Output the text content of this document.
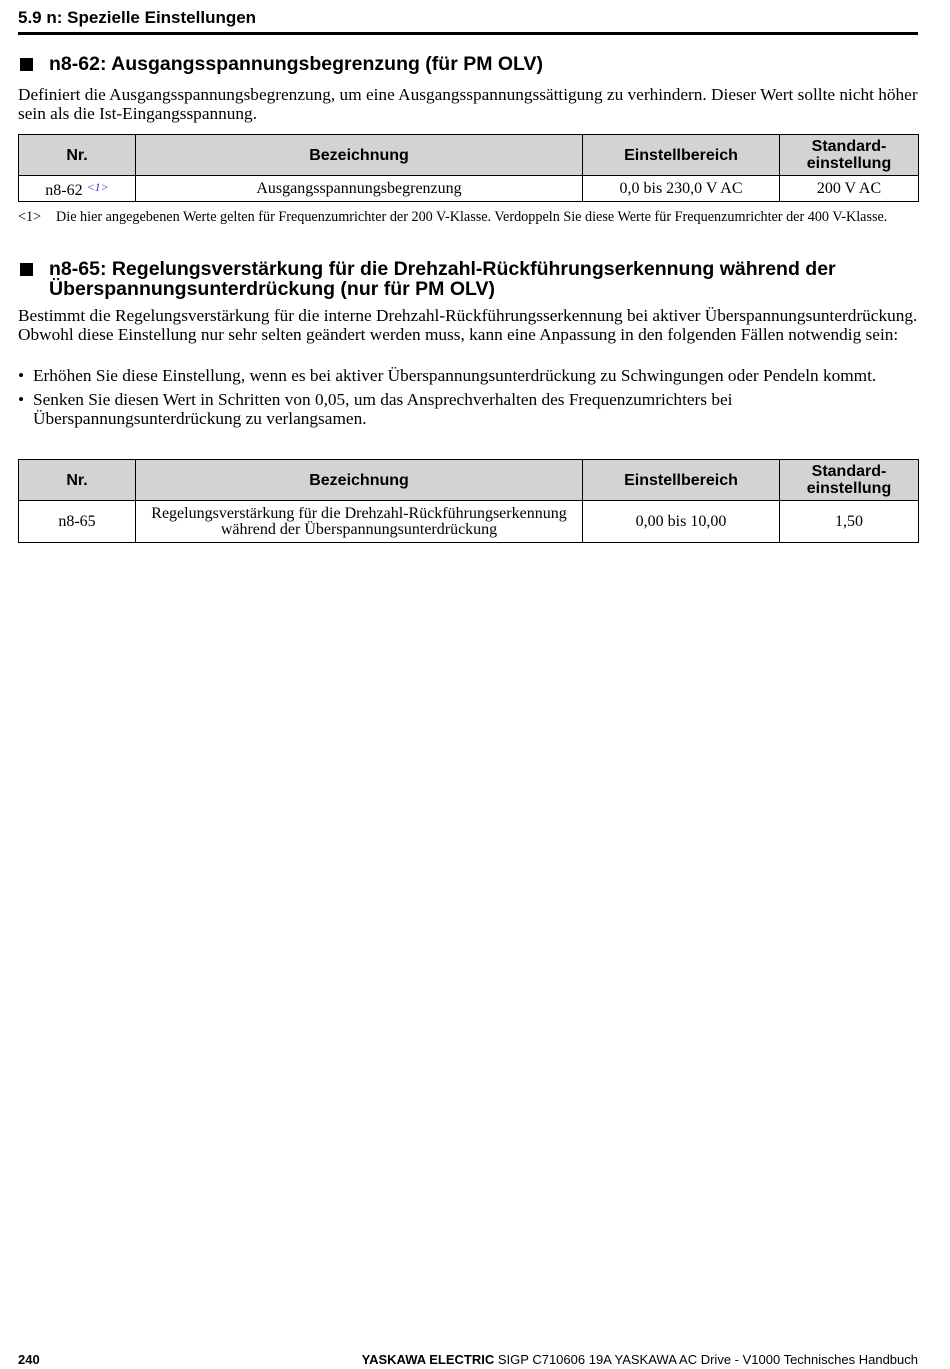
5.9 n: Spezielle Einstellungen
n8-62: Ausgangsspannungsbegrenzung (für PM OLV)
Definiert die Ausgangsspannungsbegrenzung, um eine Ausgangsspannungssättigung zu verhindern. Dieser Wert sollte nicht höher sein als die Ist-Eingangsspannung.
Nr.	Bezeichnung	Einstellbereich	Standard-
einstellung
n8-62 $^{<1>}$	Ausgangsspannungsbegrenzung	0,0 bis 230,0 V AC	200 V AC
<1>	Die hier angegebenen Werte gelten für Frequenzumrichter der 200 V-Klasse. Verdoppeln Sie diese Werte für Frequenzumrichter der 400 V-Klasse.
n8-65: Regelungsverstärkung für die Drehzahl-Rückführungserkennung während der Überspannungsunterdrückung (nur für PM OLV)
Bestimmt die Regelungsverstärkung für die interne Drehzahl-Rückführungsserkennung bei aktiver Überspannungsunterdrückung. Obwohl diese Einstellung nur sehr selten geändert werden muss, kann eine Anpassung in den folgenden Fällen notwendig sein:
• Erhöhen Sie diese Einstellung, wenn es bei aktiver Überspannungsunterdrückung zu Schwingungen oder Pendeln kommt.
• Senken Sie diesen Wert in Schritten von 0,05, um das Ansprechverhalten des Frequenzumrichters bei Überspannungsunterdrückung zu verlangsamen.
Nr.	Bezeichnung	Einstellbereich	Standard-
einstellung
n8-65	Regelungsverstärkung für die Drehzahl-Rückführungserkennung während der Überspannungsunterdrückung	0,00 bis 10,00	1,50
240	YASKAWA ELECTRIC SIGP C710606 19A YASKAWA AC Drive - V1000 Technisches Handbuch
